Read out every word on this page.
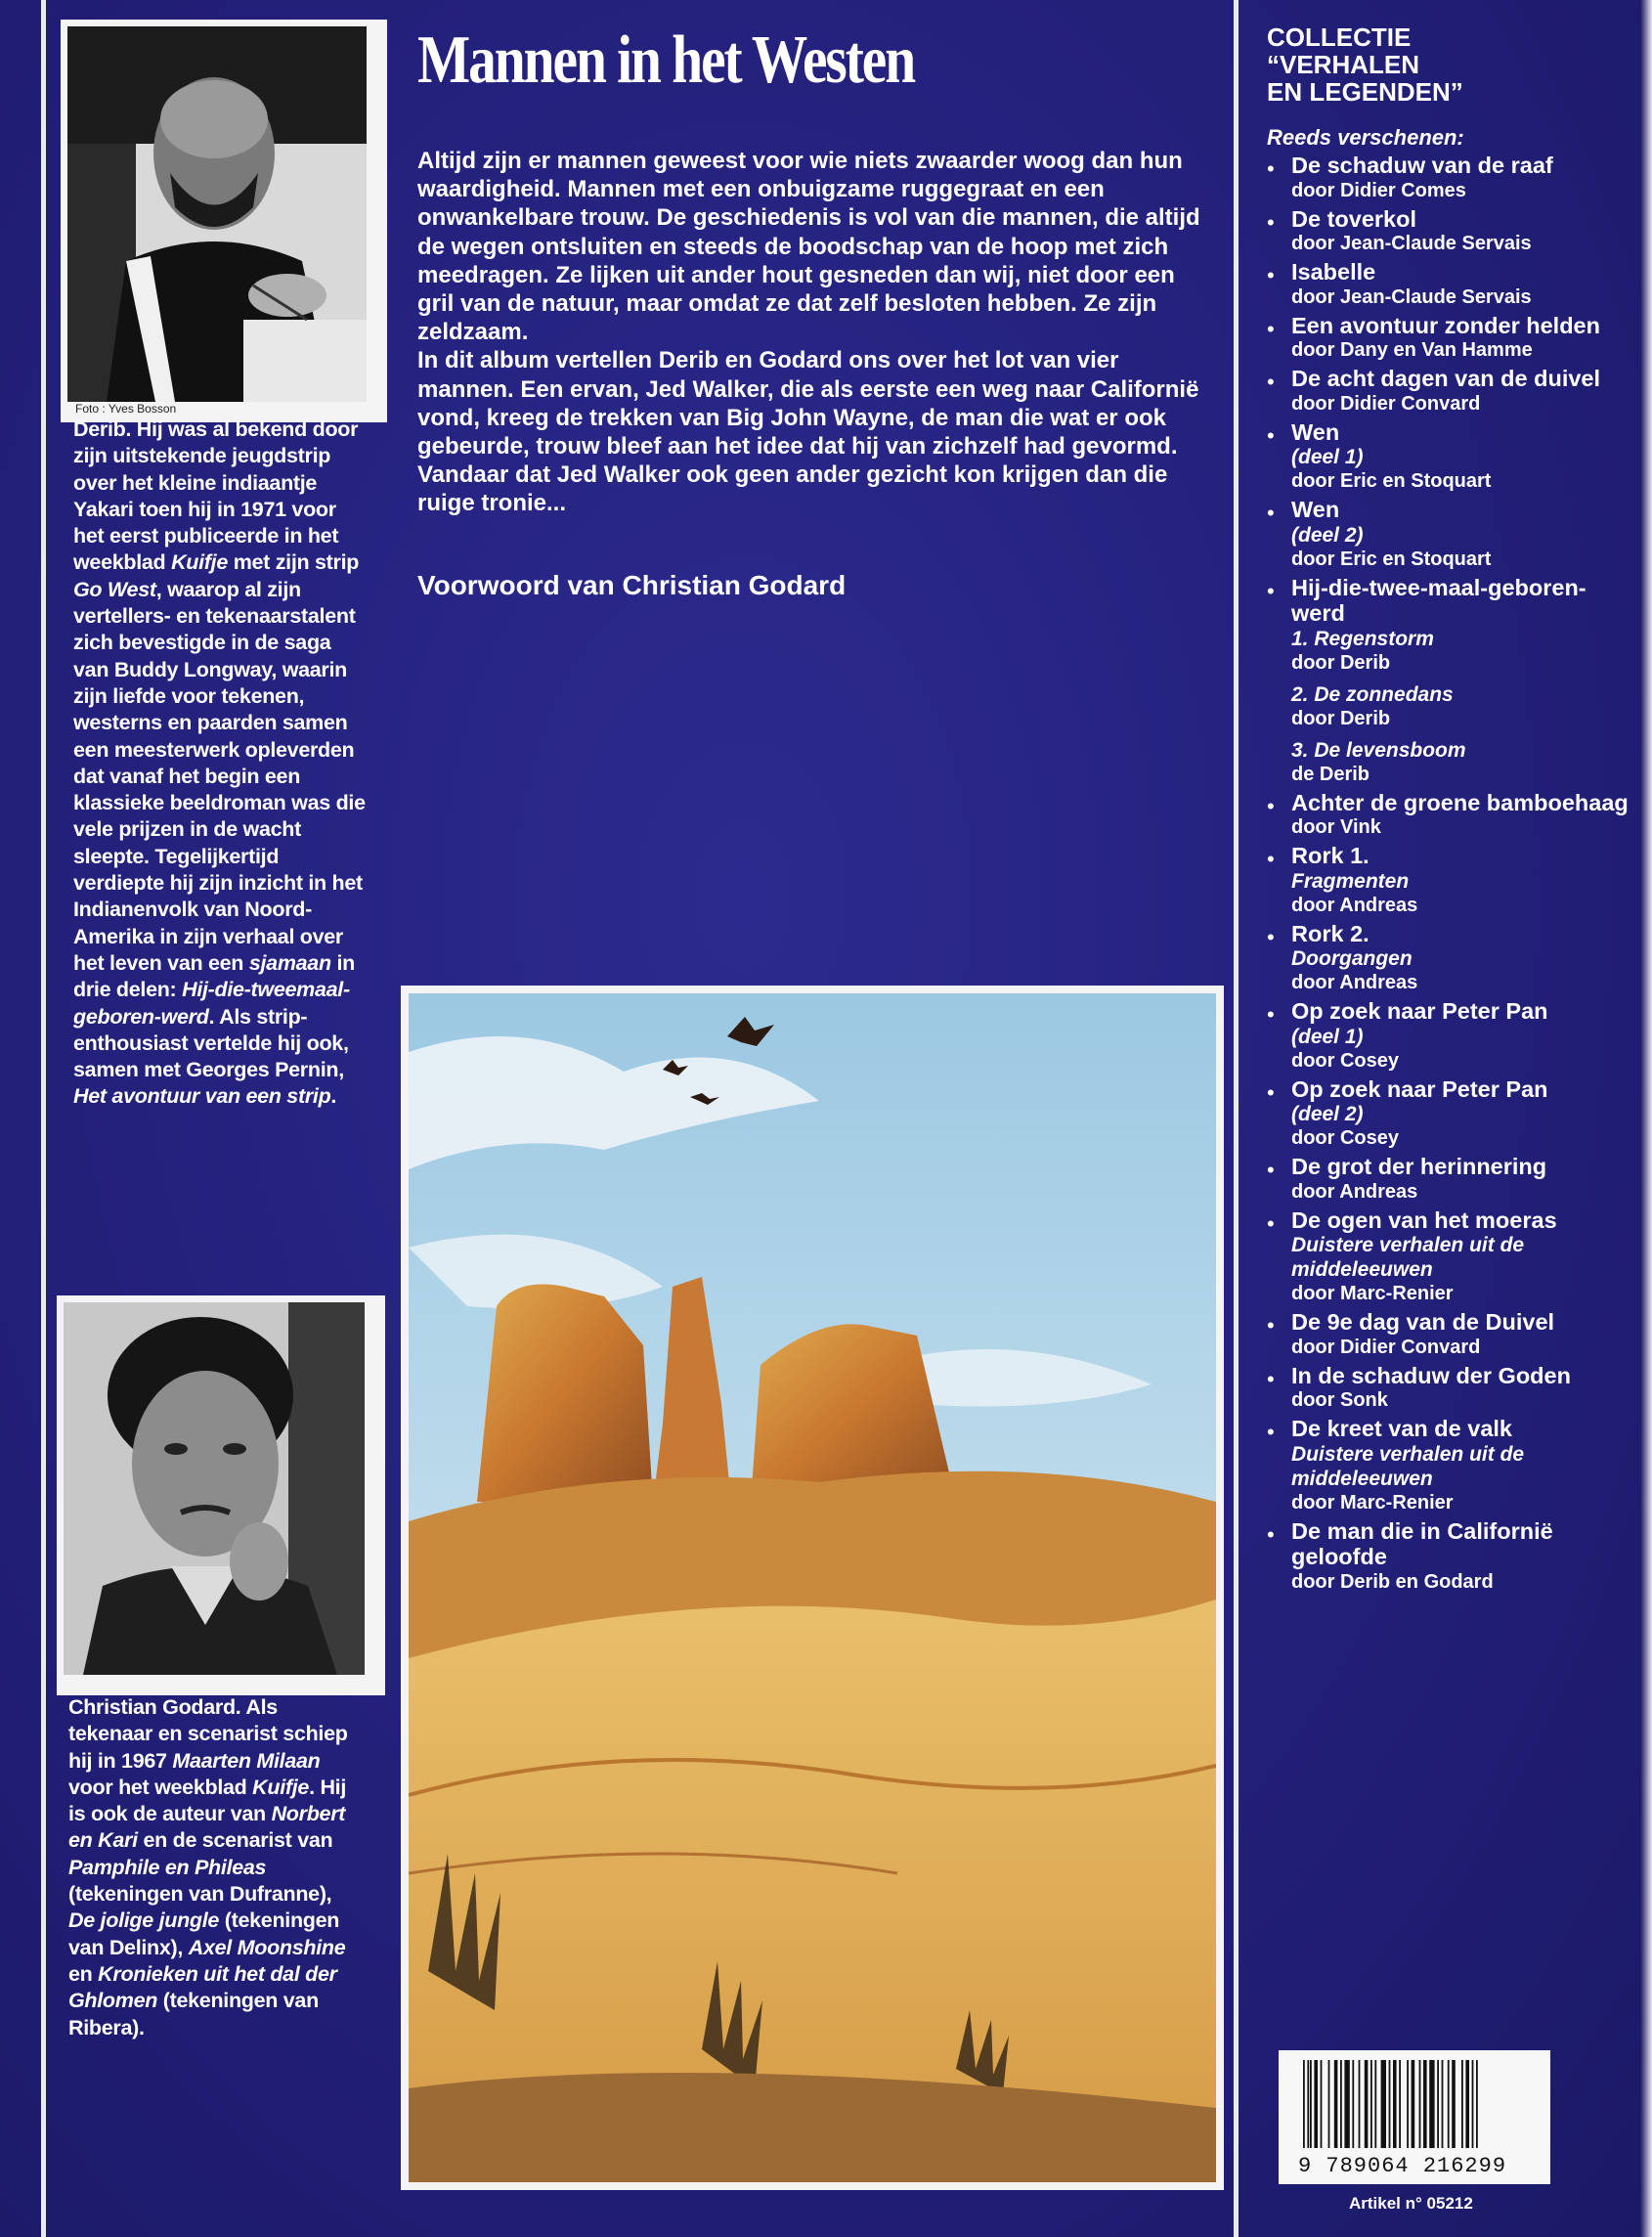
Foto : Yves Bosson
Derib. Hij was al bekend door zijn uitstekende jeugdstrip over het kleine indiaantje Yakari toen hij in 1971 voor het eerst publiceerde in het weekblad Kuifje met zijn strip Go West, waarop al zijn vertellers- en tekenaarstalent zich bevestigde in de saga van Buddy Longway, waarin zijn liefde voor tekenen, westerns en paarden samen een meesterwerk opleverden dat vanaf het begin een klassieke beeldroman was die vele prijzen in de wacht sleepte. Tegelijkertijd verdiepte hij zijn inzicht in het Indianenvolk van Noord-Amerika in zijn verhaal over het leven van een sjamaan in drie delen: Hij-die-tweemaal-geboren-werd. Als strip-enthousiast vertelde hij ook, samen met Georges Pernin, Het avontuur van een strip.
Christian Godard. Als tekenaar en scenarist schiep hij in 1967 Maarten Milaan voor het weekblad Kuifje. Hij is ook de auteur van Norbert en Kari en de scenarist van Pamphile en Phileas (tekeningen van Dufranne), De jolige jungle (tekeningen van Delinx), Axel Moonshine en Kronieken uit het dal der Ghlomen (tekeningen van Ribera).
Mannen in het Westen

Altijd zijn er mannen geweest voor wie niets zwaarder woog dan hun waardigheid. Mannen met een onbuigzame ruggegraat en een onwankelbare trouw. De geschiedenis is vol van die mannen, die altijd de wegen ontsluiten en steeds de boodschap van de hoop met zich meedragen. Ze lijken uit ander hout gesneden dan wij, niet door een gril van de natuur, maar omdat ze dat zelf besloten hebben. Ze zijn zeldzaam.

In dit album vertellen Derib en Godard ons over het lot van vier mannen. Een ervan, Jed Walker, die als eerste een weg naar Californië vond, kreeg de trekken van Big John Wayne, de man die wat er ook gebeurde, trouw bleef aan het idee dat hij van zichzelf had gevormd. Vandaar dat Jed Walker ook geen ander gezicht kon krijgen dan die ruige tronie...

Voorwoord van Christian Godard
COLLECTIE
“VERHALEN
EN LEGENDEN”
Reeds verschenen:
• De schaduw van de raaf
door Didier Comes
• De toverkol
door Jean-Claude Servais
• Isabelle
door Jean-Claude Servais
• Een avontuur zonder helden
door Dany en Van Hamme
• De acht dagen van de duivel
door Didier Convard
• Wen
(deel 1)
door Eric en Stoquart
• Wen
(deel 2)
door Eric en Stoquart
• Hij-die-twee-maal-geboren-werd
1. Regenstorm
door Derib
2. De zonnedans
door Derib
3. De levensboom
de Derib
• Achter de groene bamboehaag
door Vink
• Rork 1.
Fragmenten
door Andreas
• Rork 2.
Doorgangen
door Andreas
• Op zoek naar Peter Pan
(deel 1)
door Cosey
• Op zoek naar Peter Pan
(deel 2)
door Cosey
• De grot der herinnering
door Andreas
• De ogen van het moeras
Duistere verhalen uit de middeleeuwen
door Marc-Renier
• De 9e dag van de Duivel
door Didier Convard
• In de schaduw der Goden
door Sonk
• De kreet van de valk
Duistere verhalen uit de middeleeuwen
door Marc-Renier
• De man die in Californië geloofde
door Derib en Godard
9 789064 216299
Artikel n° 05212
